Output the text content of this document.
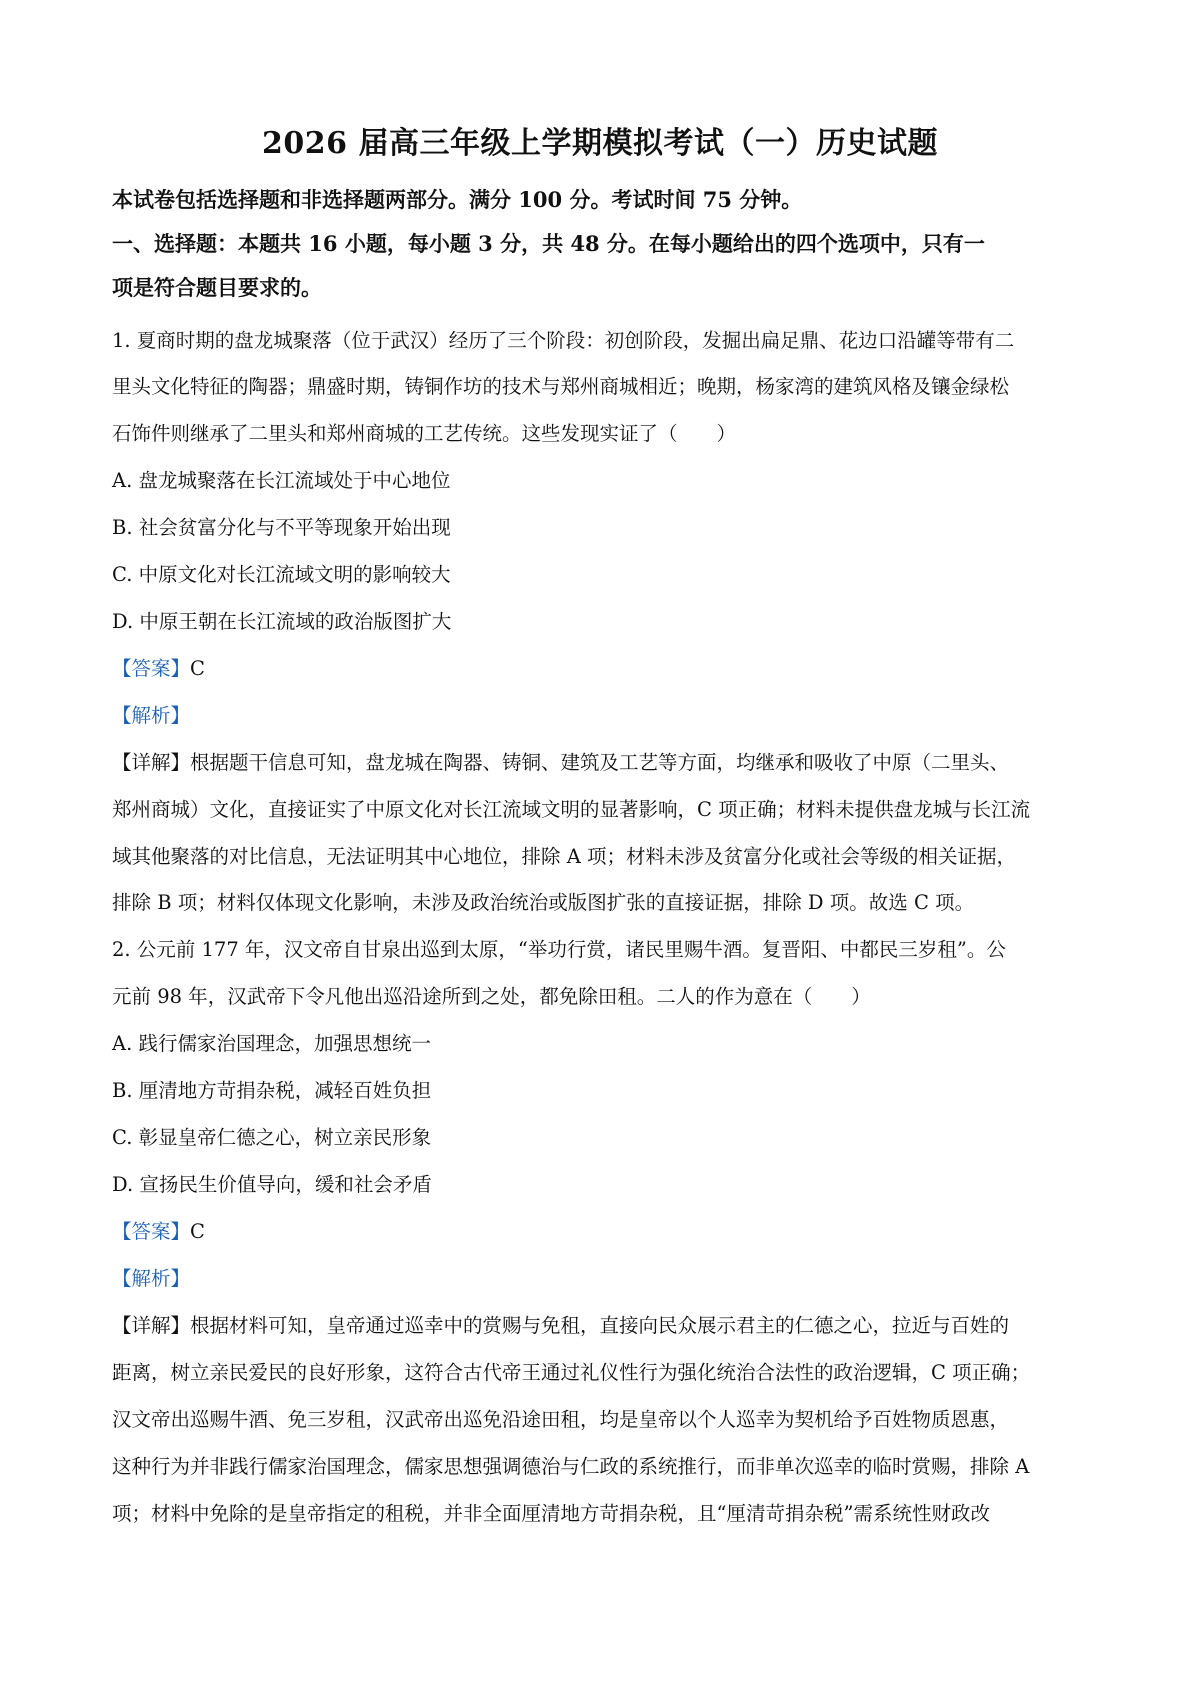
2026 届高三年级上学期模拟考试（一）历史试题
本试卷包括选择题和非选择题两部分。满分 100 分。考试时间 75 分钟。
一、选择题：本题共 16 小题，每小题 3 分，共 48 分。在每小题给出的四个选项中，只有一
项是符合题目要求的。
1. 夏商时期的盘龙城聚落（位于武汉）经历了三个阶段：初创阶段，发掘出扁足鼎、花边口沿罐等带有二
里头文化特征的陶器；鼎盛时期，铸铜作坊的技术与郑州商城相近；晚期，杨家湾的建筑风格及镶金绿松
石饰件则继承了二里头和郑州商城的工艺传统。这些发现实证了（　　）
A. 盘龙城聚落在长江流域处于中心地位
B. 社会贫富分化与不平等现象开始出现
C. 中原文化对长江流域文明的影响较大
D. 中原王朝在长江流域的政治版图扩大
【答案】C
【解析】
【详解】根据题干信息可知，盘龙城在陶器、铸铜、建筑及工艺等方面，均继承和吸收了中原（二里头、
郑州商城）文化，直接证实了中原文化对长江流域文明的显著影响，C 项正确；材料未提供盘龙城与长江流
域其他聚落的对比信息，无法证明其中心地位，排除 A 项；材料未涉及贫富分化或社会等级的相关证据，
排除 B 项；材料仅体现文化影响，未涉及政治统治或版图扩张的直接证据，排除 D 项。故选 C 项。
2. 公元前 177 年，汉文帝自甘泉出巡到太原，“举功行赏，诸民里赐牛酒。复晋阳、中都民三岁租”。公
元前 98 年，汉武帝下令凡他出巡沿途所到之处，都免除田租。二人的作为意在（　　）
A. 践行儒家治国理念，加强思想统一
B. 厘清地方苛捐杂税，减轻百姓负担
C. 彰显皇帝仁德之心，树立亲民形象
D. 宣扬民生价值导向，缓和社会矛盾
【答案】C
【解析】
【详解】根据材料可知，皇帝通过巡幸中的赏赐与免租，直接向民众展示君主的仁德之心，拉近与百姓的
距离，树立亲民爱民的良好形象，这符合古代帝王通过礼仪性行为强化统治合法性的政治逻辑，C 项正确；
汉文帝出巡赐牛酒、免三岁租，汉武帝出巡免沿途田租，均是皇帝以个人巡幸为契机给予百姓物质恩惠，
这种行为并非践行儒家治国理念，儒家思想强调德治与仁政的系统推行，而非单次巡幸的临时赏赐，排除 A
项；材料中免除的是皇帝指定的租税，并非全面厘清地方苛捐杂税，且“厘清苛捐杂税”需系统性财政改
